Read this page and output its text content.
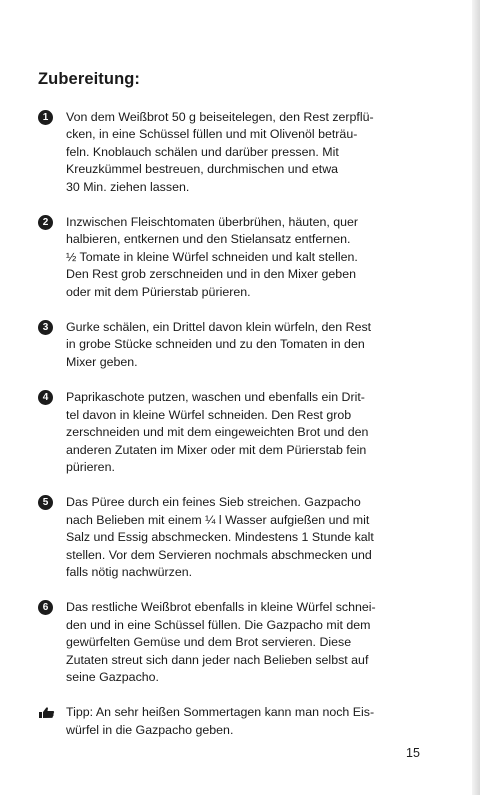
Zubereitung:
1	Von dem Weißbrot 50 g beiseitelegen, den Rest zerpflü-
cken, in eine Schüssel füllen und mit Olivenöl beträu-
feln. Knoblauch schälen und darüber pressen. Mit
Kreuzkümmel bestreuen, durchmischen und etwa
30 Min. ziehen lassen.
2	Inzwischen Fleischtomaten überbrühen, häuten, quer
halbieren, entkernen und den Stielansatz entfernen.
½ Tomate in kleine Würfel schneiden und kalt stellen.
Den Rest grob zerschneiden und in den Mixer geben
oder mit dem Pürierstab pürieren.
3	Gurke schälen, ein Drittel davon klein würfeln, den Rest
in grobe Stücke schneiden und zu den Tomaten in den
Mixer geben.
4	Paprikaschote putzen, waschen und ebenfalls ein Drit-
tel davon in kleine Würfel schneiden. Den Rest grob
zerschneiden und mit dem eingeweichten Brot und den
anderen Zutaten im Mixer oder mit dem Pürierstab fein
pürieren.
5	Das Püree durch ein feines Sieb streichen. Gazpacho
nach Belieben mit einem ¼ l Wasser aufgießen und mit
Salz und Essig abschmecken. Mindestens 1 Stunde kalt
stellen. Vor dem Servieren nochmals abschmecken und
falls nötig nachwürzen.
6	Das restliche Weißbrot ebenfalls in kleine Würfel schnei-
den und in eine Schüssel füllen. Die Gazpacho mit dem
gewürfelten Gemüse und dem Brot servieren. Diese
Zutaten streut sich dann jeder nach Belieben selbst auf
seine Gazpacho.
Tipp: An sehr heißen Sommertagen kann man noch Eis-
würfel in die Gazpacho geben.
15
